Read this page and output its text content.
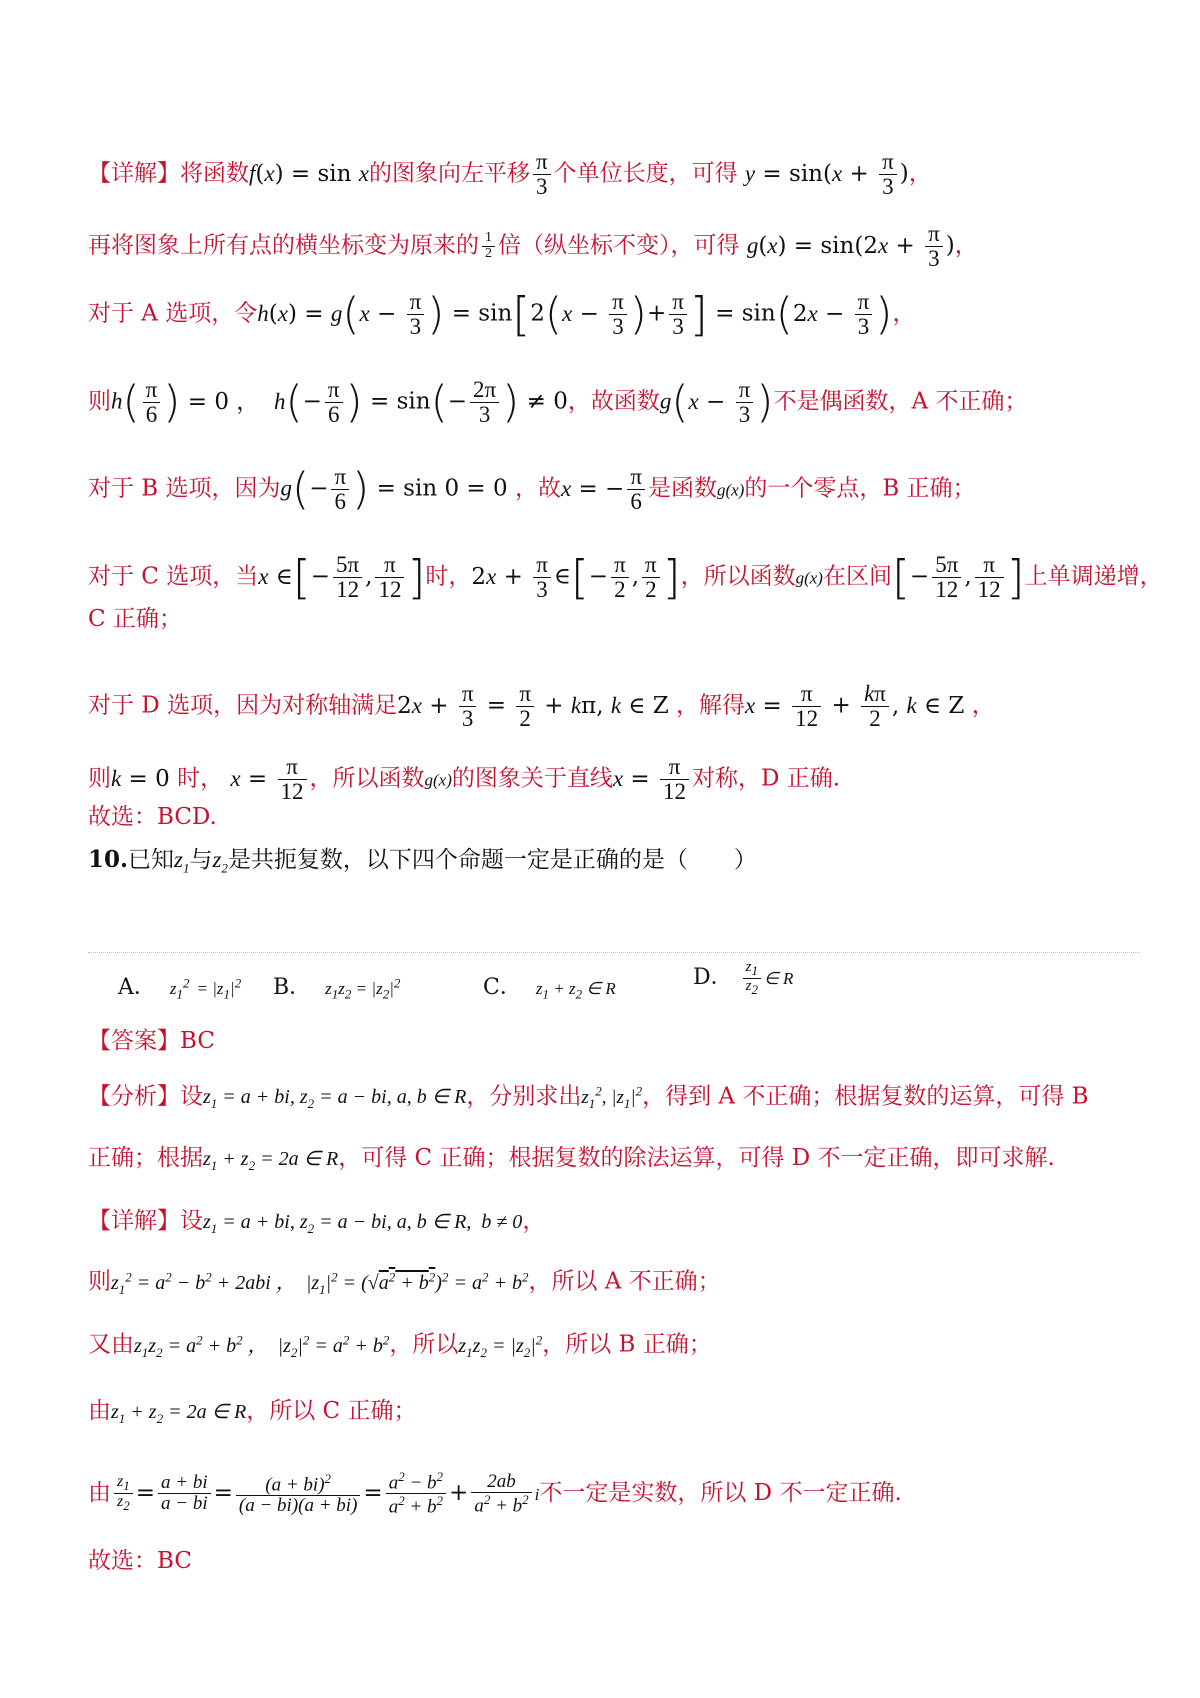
【详解】将函数f(x) = sin x的图象向左平移 $\frac{\pi}{3}$ 个单位长度，可得 $y = \sin(x + \frac{\pi}{3}$ )，
再将图象上所有点的横坐标变为原来的 $\frac{1}{2}$ 倍（纵坐标不变），可得 $g(x) = \sin(2x + \frac{\pi}{3}$ )，
对于 A 选项，令$h(x) = g(x - \frac{\pi}{3}$ ) = $\sin[2(x - \frac{\pi}{3}$ )+ $\frac{\pi}{3}$ ] = $\sin(2x - \frac{\pi}{3}$ )，
则$h( \frac{\pi}{6}$ ) = 0 ，  $h(- \frac{\pi}{6}$ ) = $\sin(- \frac{2\pi}{3}$ ) ≠ 0，故函数$g(x - \frac{\pi}{3}$ )不是偶函数，A 不正确；
对于 B 选项，因为$g(- \frac{\pi}{6}$ ) = sin 0 = 0 ，故x = − $\frac{\pi}{6}$ 是函数g(x)的一个零点，B 正确；
对于 C 选项，当x ∈[− $\frac{5\pi}{12}$ , $\frac{\pi}{12}$ ]时，$2x + \frac{\pi}{3}$ ∈[− $\frac{\pi}{2}$ , $\frac{\pi}{2}$ ]，所以函数g(x)在区间[− $\frac{5\pi}{12}$ , $\frac{\pi}{12}$ ]上单调递增，
C 正确；
对于 D 选项，因为对称轴满足$2x + \frac{\pi}{3} = \frac{\pi}{2} + k\pi$, k ∈ Z ，解得$x = \frac{\pi}{12} + \frac{k\pi}{2}$ , k ∈ Z ，
则k = 0 时， $x = \frac{\pi}{12}$ ，所以函数g(x)的图象关于直线$x = \frac{\pi}{12}$ 对称，D 正确.
故选：BCD.
10.已知$z_1$与$z_2$是共扼复数，以下四个命题一定是正确的是（　　）
A． $z_1^2 = |z_1|^2$ B． $z_1z_2 = |z_2|^2$	C． $z_1 + z_2$ ∈ R	D． $\frac{z_1}{z_2}$ ∈ R
【答案】BC
【分析】设$z_1 = a$ + bi, $z_2 = a$ − bi, a, b ∈ R，分别求出$z_1^2$, $|z_1|^2$，得到 A 不正确；根据复数的运算，可得 B
正确；根据$z_1 + z_2 = 2a$ ∈ R，可得 C 正确；根据复数的除法运算，可得 D 不一定正确，即可求解.
【详解】设$z_1 = a$ + bi, $z_2 = a$ − bi, a, b ∈ R,  b ≠ 0，
则$z_1^2 = a^2 - b^2 + 2abi$ ，  $|z_1|^2 = (√a^2 + b^2)^2 = a^2 + b^2$，所以 A 不正确；
又由$z_1z_2 = a^2 + b^2$ ，  $|z_2|^2 = a^2 + b^2$，所以$z_1z_2 = |z_2|^2$，所以 B 正确；
由$z_1 + z_2 = 2a$ ∈ R，所以 C 正确；
由 $\frac{z_1}{z_2} = \frac{a + bi}{a - bi} = \frac{(a + bi)^2}{(a - bi)(a + bi)} = \frac{a^2 - b^2}{a^2 + b^2} + \frac{2ab}{a^2 + b^2}$ i不一定是实数，所以 D 不一定正确.
故选：BC
